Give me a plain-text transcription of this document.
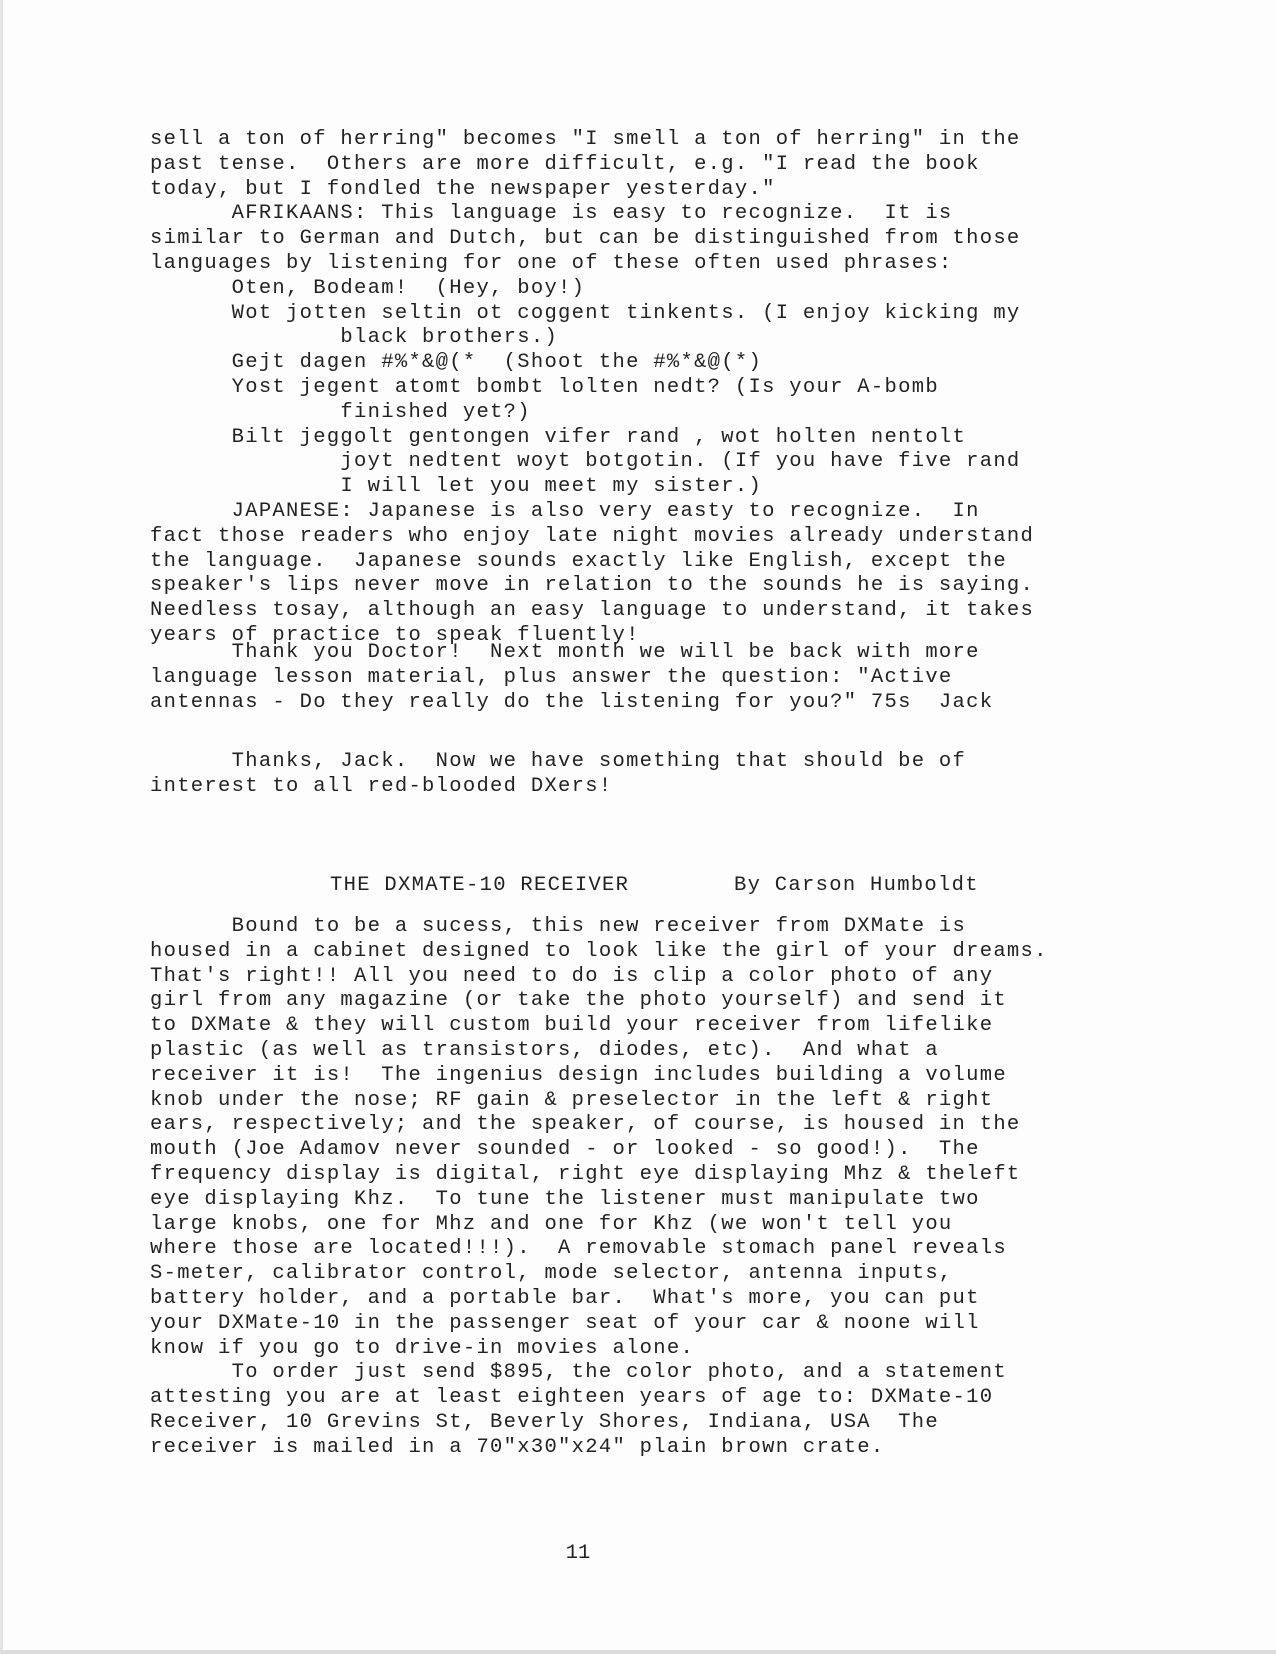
sell a ton of herring" becomes "I smell a ton of herring" in the
past tense.  Others are more difficult, e.g. "I read the book
today, but I fondled the newspaper yesterday."
AFRIKAANS: This language is easy to recognize.  It is
similar to German and Dutch, but can be distinguished from those
languages by listening for one of these often used phrases:
Oten, Bodeam!  (Hey, boy!)
Wot jotten seltin ot coggent tinkents. (I enjoy kicking my
black brothers.)
Gejt dagen #%*&@(*  (Shoot the #%*&@(*)
Yost jegent atomt bombt lolten nedt? (Is your A-bomb
finished yet?)
Bilt jeggolt gentongen vifer rand , wot holten nentolt
joyt nedtent woyt botgotin. (If you have five rand
I will let you meet my sister.)
JAPANESE: Japanese is also very easty to recognize.  In
fact those readers who enjoy late night movies already understand
the language.  Japanese sounds exactly like English, except the
speaker's lips never move in relation to the sounds he is saying.
Needless tosay, although an easy language to understand, it takes
years of practice to speak fluently!

Thank you Doctor!  Next month we will be back with more
language lesson material, plus answer the question: "Active
antennas - Do they really do the listening for you?" 75s  Jack

Thanks, Jack.  Now we have something that should be of
interest to all red-blooded DXers!

THE DXMATE-10 RECEIVER

	By Carson Humboldt

Bound to be a sucess, this new receiver from DXMate is
housed in a cabinet designed to look like the girl of your dreams.
That's right!! All you need to do is clip a color photo of any
girl from any magazine (or take the photo yourself) and send it
to DXMate & they will custom build your receiver from lifelike
plastic (as well as transistors, diodes, etc).  And what a
receiver it is!  The ingenius design includes building a volume
knob under the nose; RF gain & preselector in the left & right
ears, respectively; and the speaker, of course, is housed in the
mouth (Joe Adamov never sounded - or looked - so good!).  The
frequency display is digital, right eye displaying Mhz & theleft
eye displaying Khz.  To tune the listener must manipulate two
large knobs, one for Mhz and one for Khz (we won't tell you
where those are located!!!).  A removable stomach panel reveals
S-meter, calibrator control, mode selector, antenna inputs,
battery holder, and a portable bar.  What's more, you can put
your DXMate-10 in the passenger seat of your car & noone will
know if you go to drive-in movies alone.
To order just send $895, the color photo, and a statement
attesting you are at least eighteen years of age to: DXMate-10
Receiver, 10 Grevins St, Beverly Shores, Indiana, USA  The
receiver is mailed in a 70"x30"x24" plain brown crate.

11
